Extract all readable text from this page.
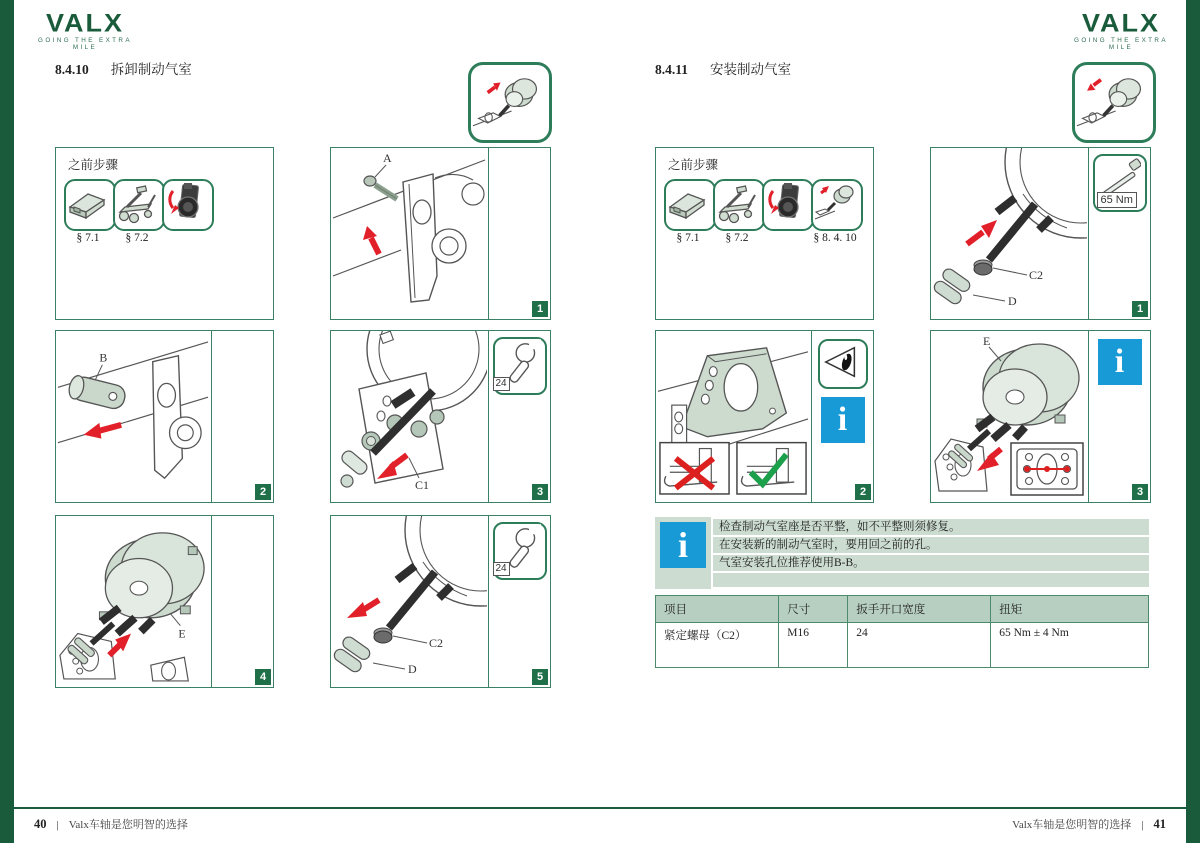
VALX
GOING THE EXTRA MILE
VALX
GOING THE EXTRA MILE
8.4.10 拆卸制动气室	8.4.11 安装制动气室
之前步骤
§ 7.1	§ 7.2
A
1
B
2	C1
24
3
E
4
C2
D
24
5
之前步骤
§ 7.1	§ 7.2	§ 8. 4. 10
C2
D
65 Nm
1
i
2
E
i
3
i	检查制动气室座是否平整，如不平整则须修复。
在安装新的制动气室时，要用回之前的孔。
气室安装孔位推荐使用B-B。
项目	尺寸	扳手开口宽度	扭矩
紧定螺母（C2）	M16	24	65 Nm ± 4 Nm
40 | Valx车轴是您明智的选择	Valx车轴是您明智的选择 | 41
